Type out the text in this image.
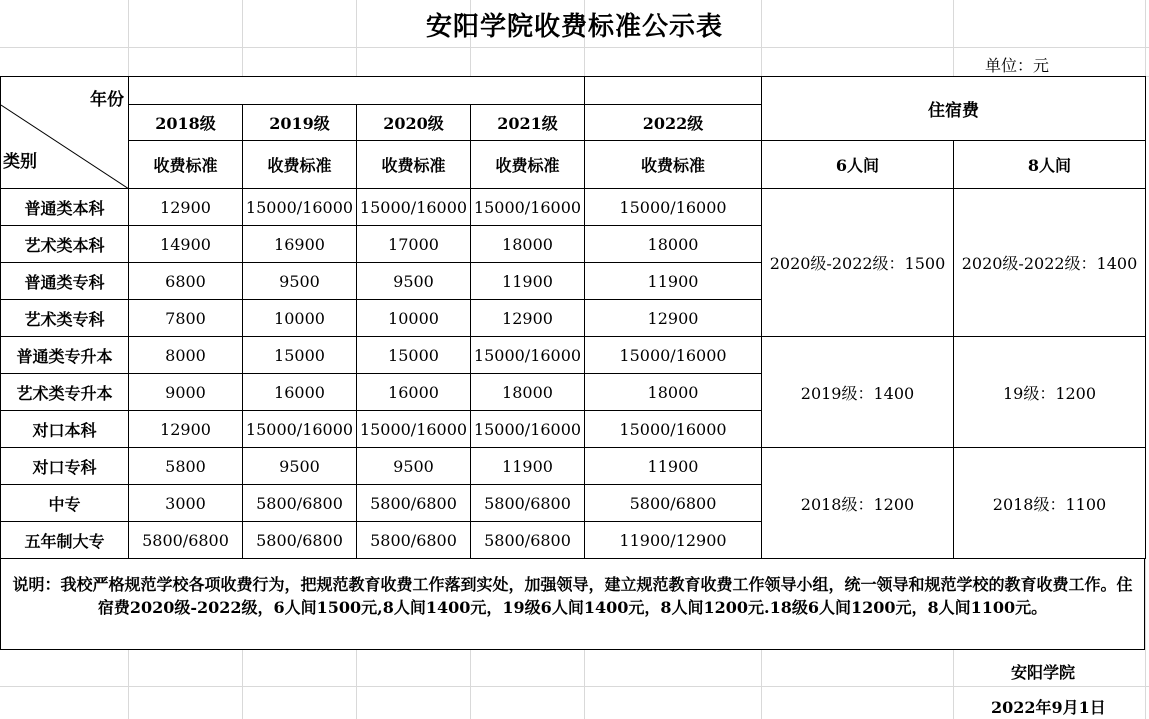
安阳学院收费标准公示表
单位：元
年份
类别						住宿费	
	2018级	2019级	2020级	2021级	2022级		
	收费标准	收费标准	收费标准	收费标准	收费标准	6人间	8人间
普通类本科	12900	15000/16000	15000/16000	15000/16000	15000/16000	2020级-2022级：1500	2020级-2022级：1400
艺术类本科	14900	16900	17000	18000	18000		
普通类专科	6800	9500	9500	11900	11900		
艺术类专科	7800	10000	10000	12900	12900		
普通类专升本	8000	15000	15000	15000/16000	15000/16000	2019级：1400	19级：1200
艺术类专升本	9000	16000	16000	18000	18000		
对口本科	12900	15000/16000	15000/16000	15000/16000	15000/16000		
对口专科	5800	9500	9500	11900	11900	2018级：1200	2018级：1100
中专	3000	5800/6800	5800/6800	5800/6800	5800/6800		
五年制大专	5800/6800	5800/6800	5800/6800	5800/6800	11900/12900		
说明：我校严格规范学校各项收费行为，把规范教育收费工作落到实处，加强领导，建立规范教育收费工作领导小组，统一领导和规范学校的教育收费工作。住宿费2020级-2022级，6人间1500元,8人间1400元，19级6人间1400元，8人间1200元.18级6人间1200元，8人间1100元。
安阳学院
2022年9月1日
